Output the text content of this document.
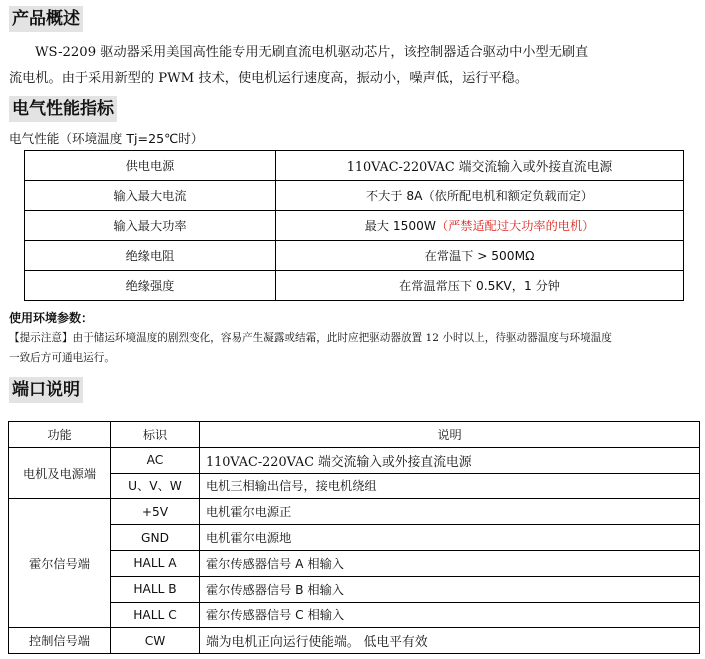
产品概述
WS-2209 驱动器采用美国高性能专用无刷直流电机驱动芯片，该控制器适合驱动中小型无刷直
流电机。由于采用新型的 PWM 技术，使电机运行速度高，振动小，噪声低，运行平稳。
电气性能指标
电气性能（环境温度 Tj=25℃时）
供电电源	110VAC-220VAC 端交流输入或外接直流电源
输入最大电流	不大于 8A（依所配电机和额定负载而定）
输入最大功率	最大 1500W（严禁适配过大功率的电机）
绝缘电阻	在常温下 > 500MΩ
绝缘强度	在常温常压下 0.5KV，1 分钟
使用环境参数：
【提示注意】由于储运环境温度的剧烈变化，容易产生凝露或结霜，此时应把驱动器放置 12 小时以上，待驱动器温度与环境温度
一致后方可通电运行。
端口说明
功能	标识	说明
电机及电源端	AC	110VAC-220VAC 端交流输入或外接直流电源
	U、V、W	电机三相输出信号，接电机绕组
霍尔信号端	+5V	电机霍尔电源正
	GND	电机霍尔电源地
	HALL A	霍尔传感器信号 A 相输入
	HALL B	霍尔传感器信号 B 相输入
	HALL C	霍尔传感器信号 C 相输入
控制信号端	CW	端为电机正向运行使能端。 低电平有效
